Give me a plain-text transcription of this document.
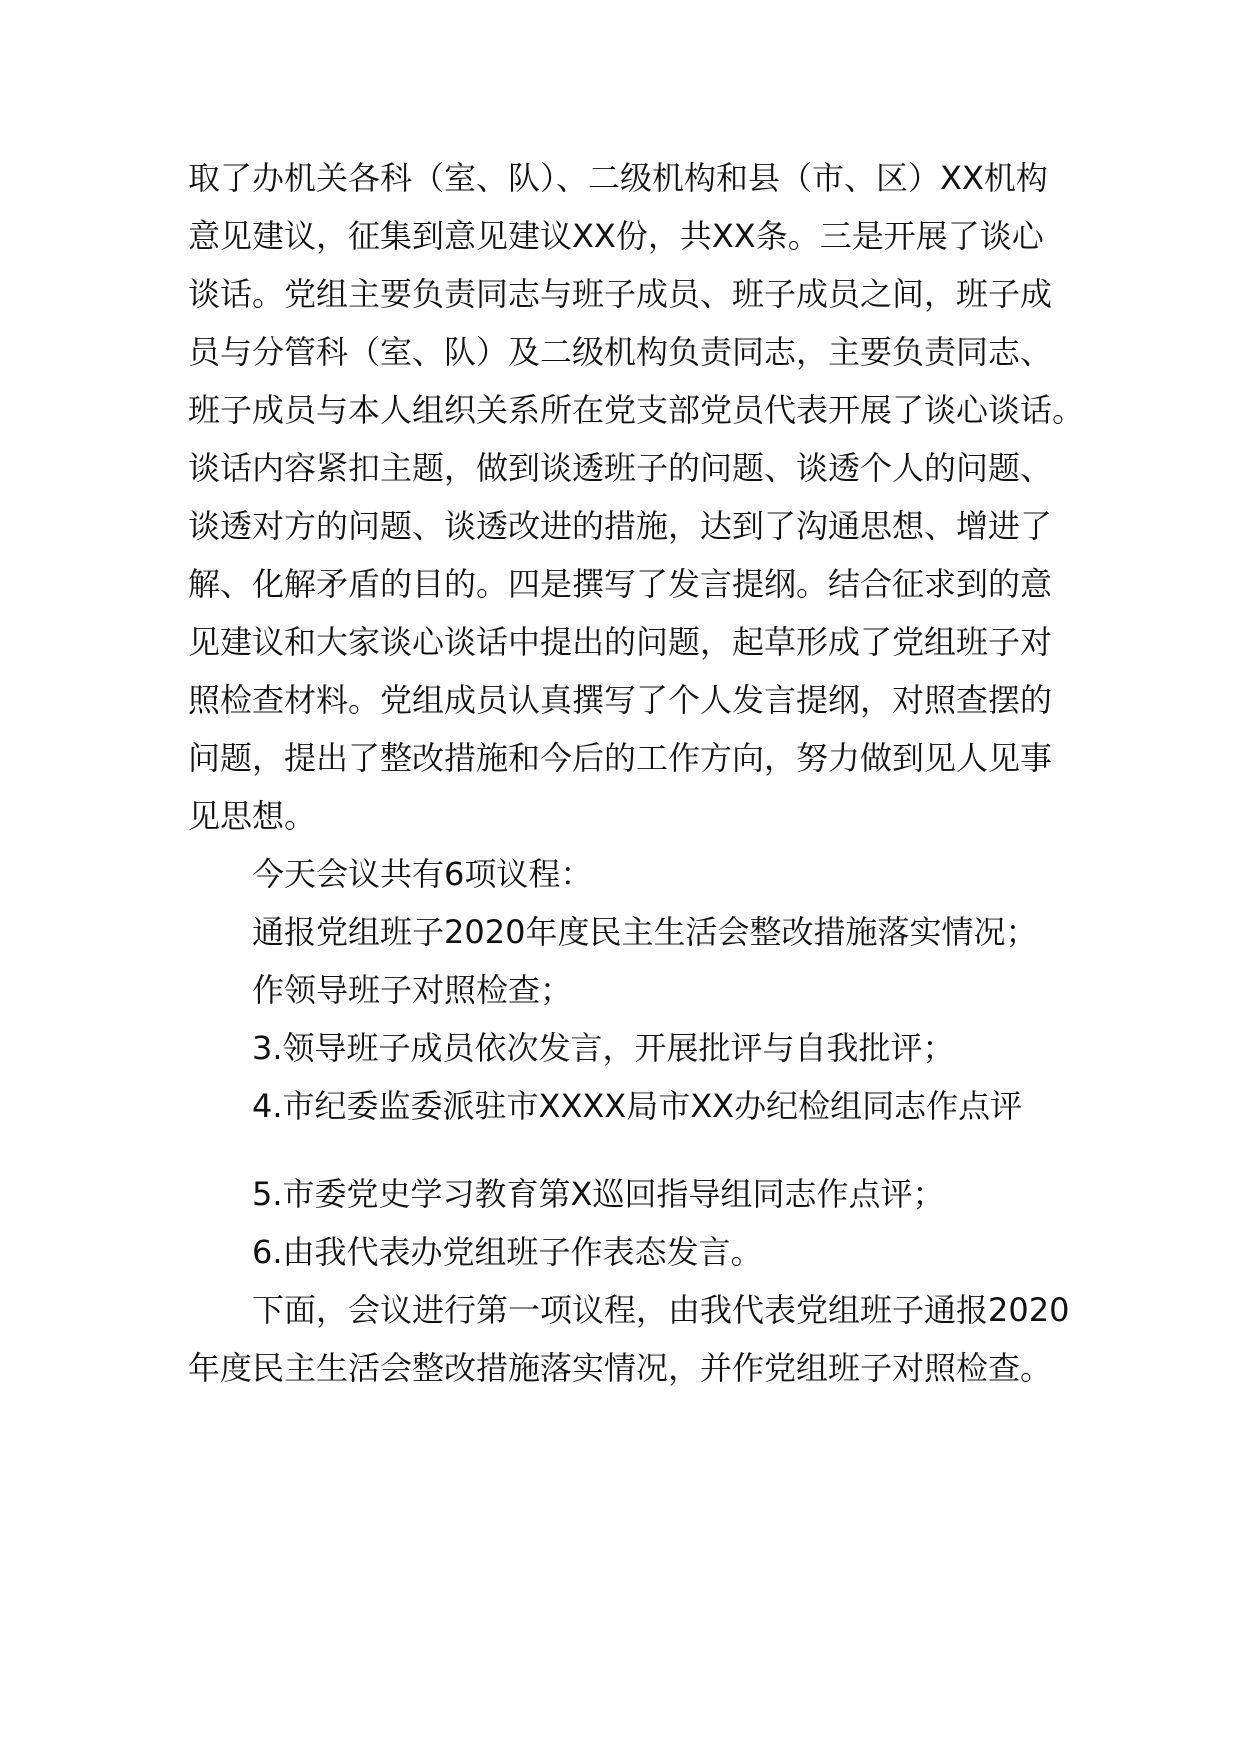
取了办机关各科（室、队）、二级机构和县（市、区）XX机构
意见建议，征集到意见建议XX份，共XX条。三是开展了谈心
谈话。党组主要负责同志与班子成员、班子成员之间，班子成
员与分管科（室、队）及二级机构负责同志，主要负责同志、
班子成员与本人组织关系所在党支部党员代表开展了谈心谈话。
谈话内容紧扣主题，做到谈透班子的问题、谈透个人的问题、
谈透对方的问题、谈透改进的措施，达到了沟通思想、增进了
解、化解矛盾的目的。四是撰写了发言提纲。结合征求到的意
见建议和大家谈心谈话中提出的问题，起草形成了党组班子对
照检查材料。党组成员认真撰写了个人发言提纲，对照查摆的
问题，提出了整改措施和今后的工作方向，努力做到见人见事
见思想。
今天会议共有6项议程：
通报党组班子2020年度民主生活会整改措施落实情况；
作领导班子对照检查；
3.领导班子成员依次发言，开展批评与自我批评；
4.市纪委监委派驻市XXXX局市XX办纪检组同志作点评
5.市委党史学习教育第X巡回指导组同志作点评；
6.由我代表办党组班子作表态发言。
下面，会议进行第一项议程，由我代表党组班子通报2020
年度民主生活会整改措施落实情况，并作党组班子对照检查。
